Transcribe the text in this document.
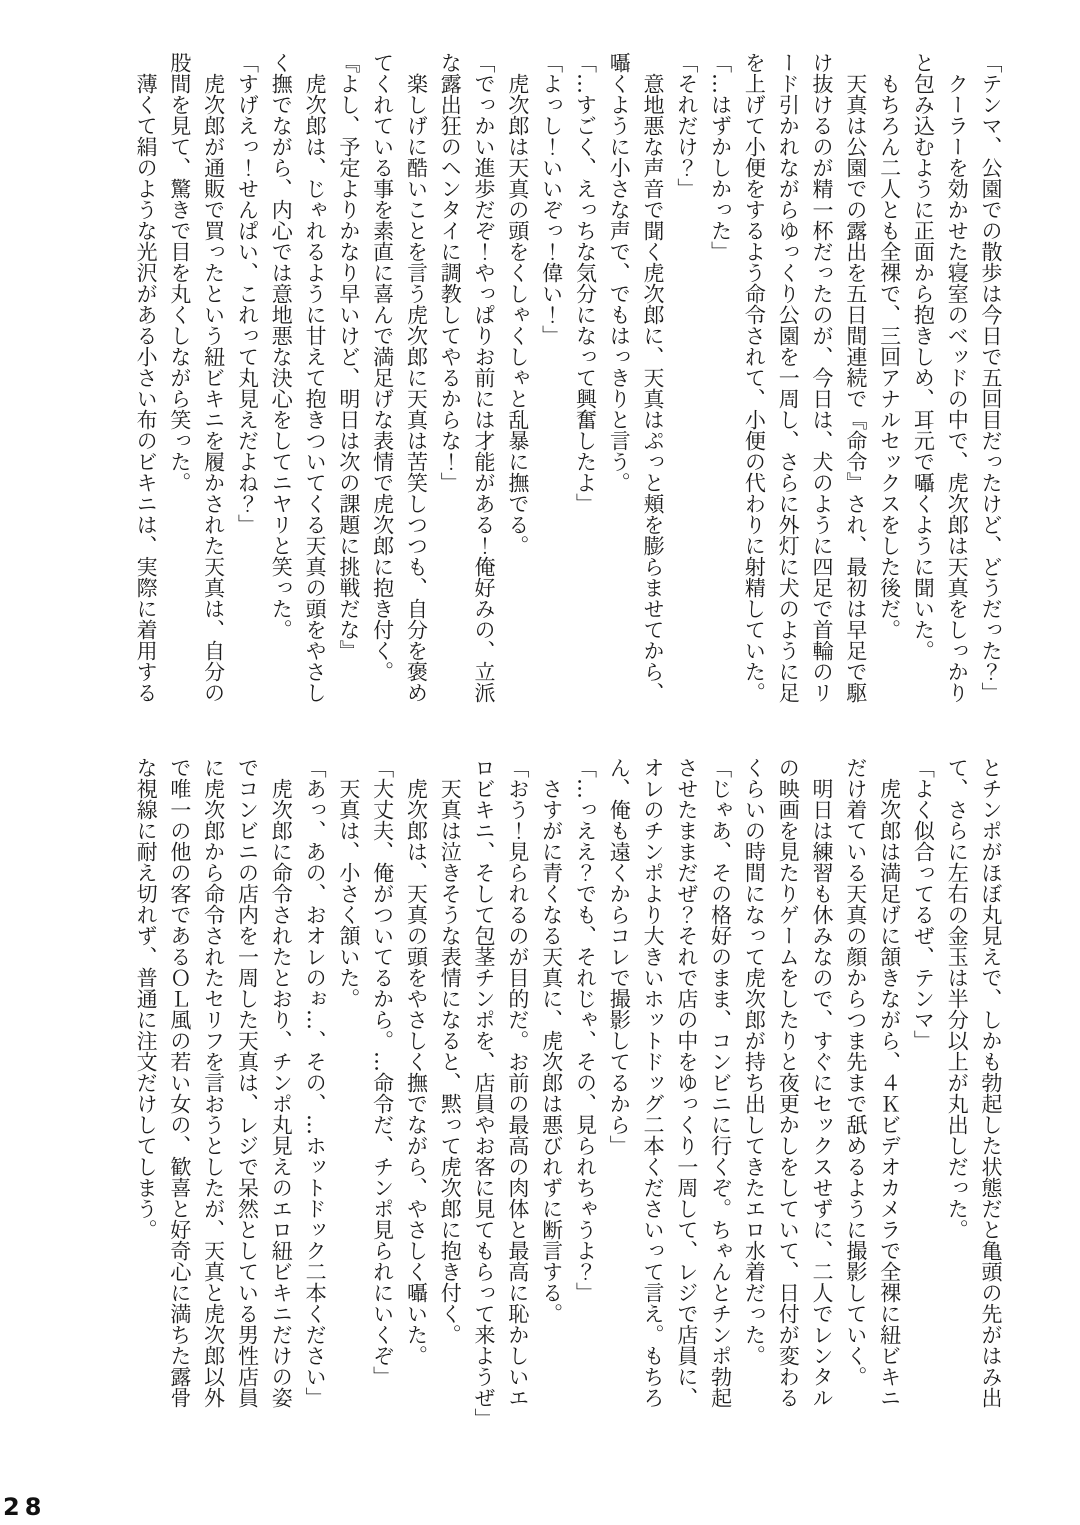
「テンマ、公園での散歩は今日で五回目だったけど、どうだった？」
　クーラーを効かせた寝室のベッドの中で、虎次郎は天真をしっかり
と包み込むように正面から抱きしめ、耳元で囁くように聞いた。
　もちろん二人とも全裸で、三回アナルセックスをした後だ。
　天真は公園での露出を五日間連続で『命令』され、最初は早足で駆
け抜けるのが精一杯だったのが、今日は、犬のように四足で首輪のリ
ード引かれながらゆっくり公園を一周し、さらに外灯に犬のように足
を上げて小便をするよう命令されて、小便の代わりに射精していた。
「…はずかしかった」
「それだけ？」
　意地悪な声音で聞く虎次郎に、天真はぷっと頬を膨らませてから、
囁くように小さな声で、でもはっきりと言う。
「…すごく、えっちな気分になって興奮したよ」
「よっし！いいぞっ！偉い！」
　虎次郎は天真の頭をくしゃくしゃと乱暴に撫でる。
「でっかい進歩だぞ！やっぱりお前には才能がある！俺好みの、立派
な露出狂のヘンタイに調教してやるからな！」
　楽しげに酷いことを言う虎次郎に天真は苦笑しつつも、自分を褒め
てくれている事を素直に喜んで満足げな表情で虎次郎に抱き付く。
『よし、予定よりかなり早いけど、明日は次の課題に挑戦だな』
　虎次郎は、じゃれるように甘えて抱きついてくる天真の頭をやさし
く撫でながら、内心では意地悪な決心をしてニヤリと笑った。
「すげえっ！せんぱい、これって丸見えだよね？」
　虎次郎が通販で買ったという紐ビキニを履かされた天真は、自分の
股間を見て、驚きで目を丸くしながら笑った。
　薄くて絹のような光沢がある小さい布のビキニは、実際に着用する
とチンポがほぼ丸見えで、しかも勃起した状態だと亀頭の先がはみ出
て、さらに左右の金玉は半分以上が丸出しだった。
「よく似合ってるぜ、テンマ」
　虎次郎は満足げに頷きながら、４Ｋビデオカメラで全裸に紐ビキニ
だけ着ている天真の顔からつま先まで舐めるように撮影していく。
　明日は練習も休みなので、すぐにセックスせずに、二人でレンタル
の映画を見たりゲームをしたりと夜更かしをしていて、日付が変わる
くらいの時間になって虎次郎が持ち出してきたエロ水着だった。
「じゃあ、その格好のまま、コンビニに行くぞ。ちゃんとチンポ勃起
させたままだぜ？それで店の中をゆっくり一周して、レジで店員に、
オレのチンポより大きいホットドッグ二本くださいって言え。もちろ
ん、俺も遠くからコレで撮影してるから」
「…っええ？でも、それじゃ、その、見られちゃうよ？」
　さすがに青くなる天真に、虎次郎は悪びれずに断言する。
「おう！見られるのが目的だ。お前の最高の肉体と最高に恥かしいエ
ロビキニ、そして包茎チンポを、店員やお客に見てもらって来ようぜ」
　天真は泣きそうな表情になると、黙って虎次郎に抱き付く。
　虎次郎は、天真の頭をやさしく撫でながら、やさしく囁いた。
「大丈夫、俺がついてるから。…命令だ、チンポ見られにいくぞ」
　天真は、小さく頷いた。
「あっ、あの、おオレのぉ…、その、…ホットドック二本ください」
　虎次郎に命令されたとおり、チンポ丸見えのエロ紐ビキニだけの姿
でコンビニの店内を一周した天真は、レジで呆然としている男性店員
に虎次郎から命令されたセリフを言おうとしたが、天真と虎次郎以外
で唯一の他の客であるＯＬ風の若い女の、歓喜と好奇心に満ちた露骨
な視線に耐え切れず、普通に注文だけしてしまう。
28
